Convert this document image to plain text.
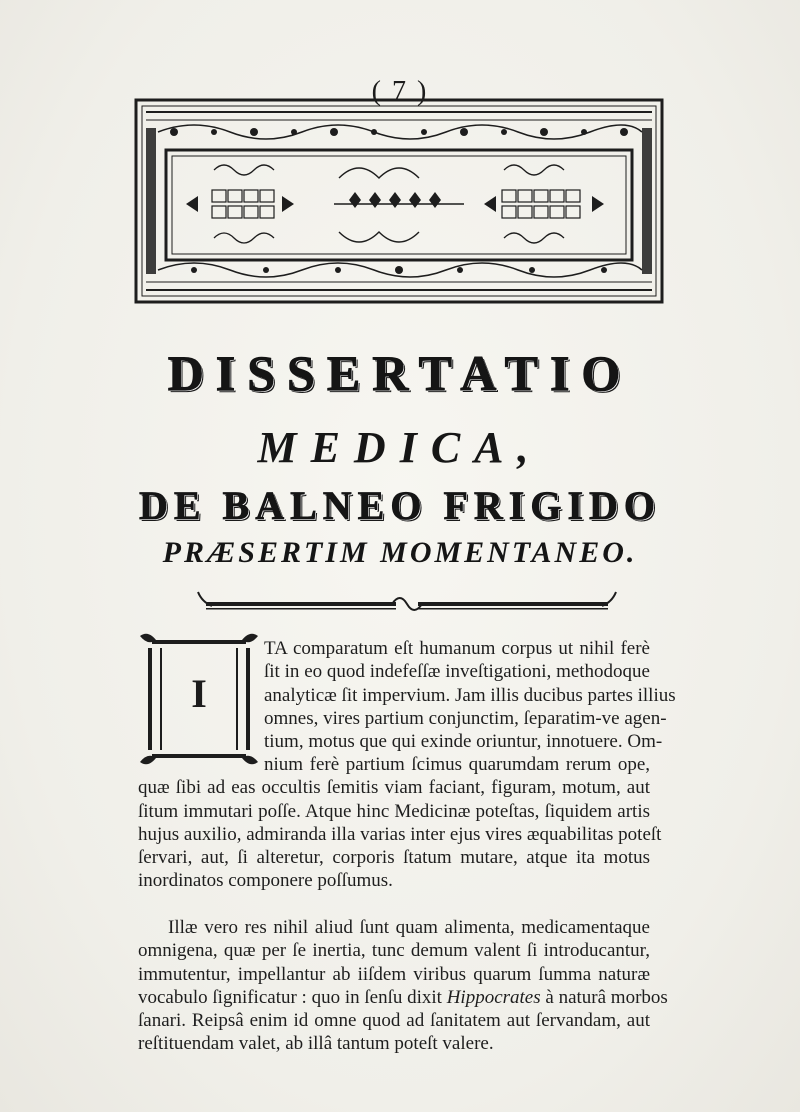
( 7 )
DISSERTATIO
MEDICA,
DE BALNEO FRIGIDO
PRÆSERTIM MOMENTANEO.
I
TA comparatum eſt humanum corpus ut nihil ferè
ſit in eo quod indefeſſæ inveſtigationi, methodoque
analyticæ ſit impervium. Jam illis ducibus partes illius
omnes, vires partium conjunctim, ſeparatim-ve agen-
tium, motus que qui exinde oriuntur, innotuere. Om-
nium ferè partium ſcimus quarumdam rerum ope,
quæ ſibi ad eas occultis ſemitis viam faciant, figuram, motum, aut
ſitum immutari poſſe. Atque hinc Medicinæ poteſtas, ſiquidem artis
hujus auxilio, admiranda illa varias inter ejus vires æquabilitas poteſt
ſervari, aut, ſi alteretur, corporis ſtatum mutare, atque ita motus
inordinatos componere poſſumus.
Illæ vero res nihil aliud ſunt quam alimenta, medicamentaque
omnigena, quæ per ſe inertia, tunc demum valent ſi introducantur,
immutentur, impellantur ab iiſdem viribus quarum ſumma naturæ
vocabulo ſignificatur : quo in ſenſu dixit Hippocrates à naturâ morbos
ſanari. Reipsâ enim id omne quod ad ſanitatem aut ſervandam, aut
reſtituendam valet, ab illâ tantum poteſt valere.
